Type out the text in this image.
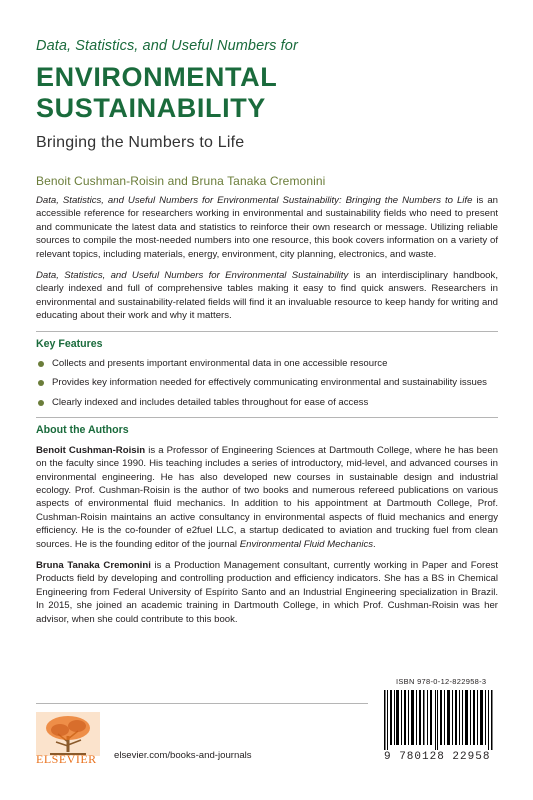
Data, Statistics, and Useful Numbers for
ENVIRONMENTAL
SUSTAINABILITY
Bringing the Numbers to Life
Benoit Cushman-Roisin and Bruna Tanaka Cremonini

Data, Statistics, and Useful Numbers for Environmental Sustainability: Bringing the Numbers to Life is an accessible reference for researchers working in environmental and sustainability fields who need to present and communicate the latest data and statistics to reinforce their own research or message. Utilizing reliable sources to compile the most-needed numbers into one resource, this book covers information on a variety of relevant topics, including materials, energy, environment, city planning, electronics, and waste.

Data, Statistics, and Useful Numbers for Environmental Sustainability is an interdisciplinary handbook, clearly indexed and full of comprehensive tables making it easy to find quick answers. Researchers in environmental and sustainability-related fields will find it an invaluable resource to keep handy for writing and educating about their work and why it matters.

Key Features
Collects and presents important environmental data in one accessible resource
Provides key information needed for effectively communicating environmental and sustainability issues
Clearly indexed and includes detailed tables throughout for ease of access
About the Authors

Benoit Cushman-Roisin is a Professor of Engineering Sciences at Dartmouth College, where he has been on the faculty since 1990. His teaching includes a series of introductory, mid-level, and advanced courses in environmental engineering. He has also developed new courses in sustainable design and industrial ecology. Prof. Cushman-Roisin is the author of two books and numerous refereed publications on various aspects of environmental fluid mechanics. In addition to his appointment at Dartmouth College, Prof. Cushman-Roisin maintains an active consultancy in environmental aspects of fluid mechanics and energy efficiency. He is the co-founder of e2fuel LLC, a startup dedicated to aviation and trucking fuel from clean sources. He is the founding editor of the journal Environmental Fluid Mechanics.

Bruna Tanaka Cremonini is a Production Management consultant, currently working in Paper and Forest Products field by developing and controlling production and efficiency indicators. She has a BS in Chemical Engineering from Federal University of Espírito Santo and an Industrial Engineering specialization in Brazil. In 2015, she joined an academic training in Dartmouth College, in which Prof. Cushman-Roisin was her advisor, when she could contribute to this book.

ELSEVIER elsevier.com/books-and-journals
ISBN 978-0-12-822958-3
9 780128 22958
